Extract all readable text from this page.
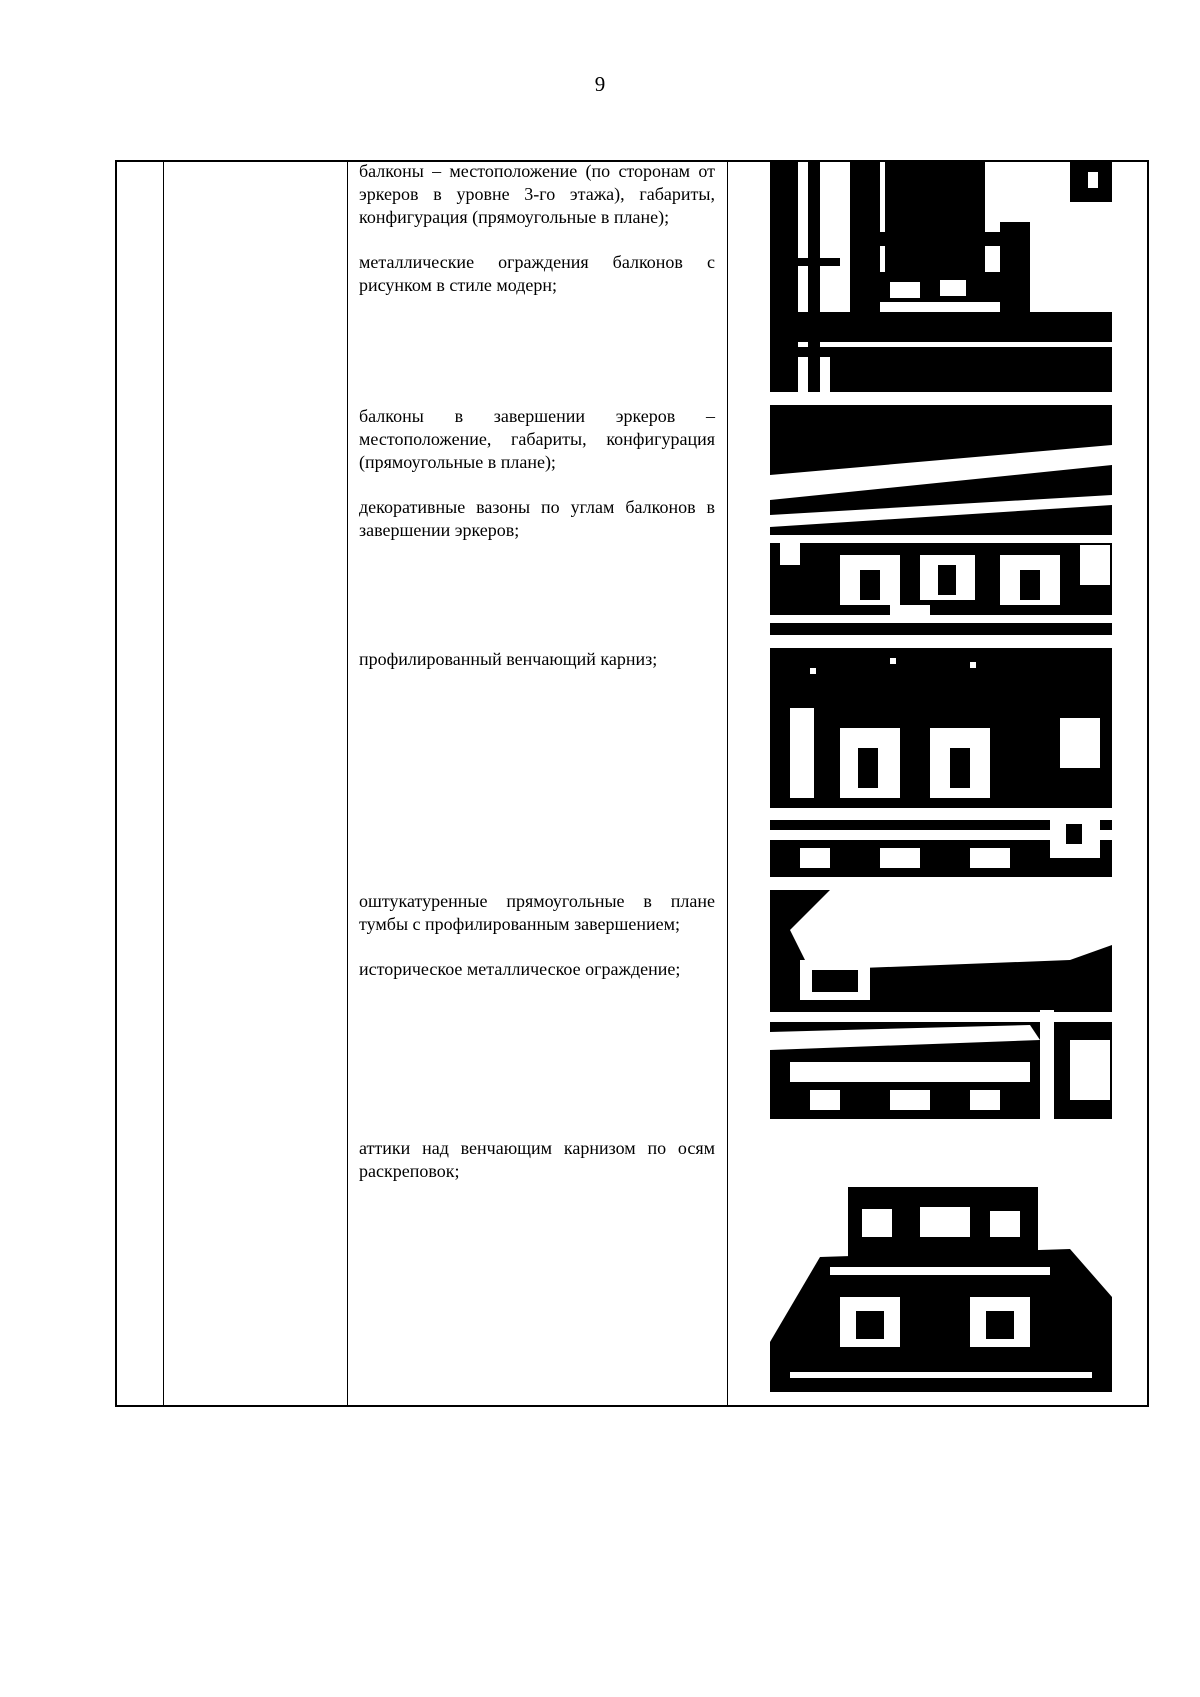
9

балконы – местоположение (по сторонам от эркеров в уровне 3-го этажа), габариты, конфигурация (прямоугольные в плане);

металлические ограждения балконов с рисунком в стиле модерн;

балконы в завершении эркеров – местоположение, габариты, конфигурация (прямоугольные в плане);

декоративные вазоны по углам балконов в завершении эркеров;

профилированный венчающий карниз;

оштукатуренные прямоугольные в плане тумбы с профилированным завершением;

историческое металлическое ограждение;

аттики над венчающим карнизом по осям раскреповок;
